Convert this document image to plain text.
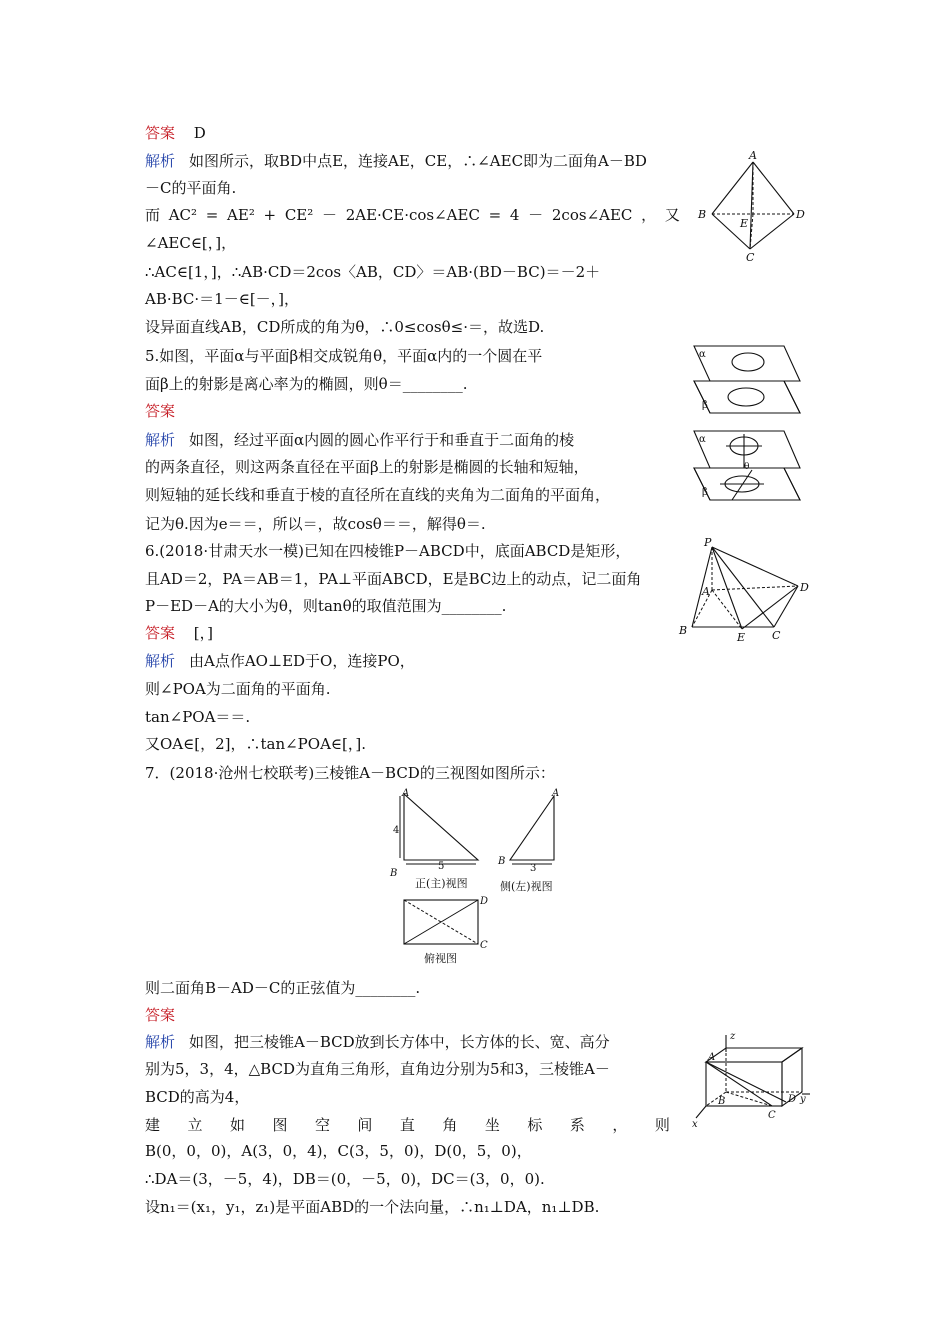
答案 D
解析 如图所示，取BD中点E，连接AE，CE，∴∠AEC即为二面角A－BD
－C的平面角.
而 AC² = AE² + CE² － 2AE·CE·cos∠AEC = 4 － 2cos∠AEC ， 又
∠AEC∈[，]，
∴AC∈[1，]，∴AB·CD＝2cos〈AB，CD〉＝AB·(BD－BC)＝－2＋
AB·BC·＝1－∈[－，]，
设异面直线AB，CD所成的角为θ，∴0≤cosθ≤·＝，故选D.
A
B	D
C
E
5.如图，平面α与平面β相交成锐角θ，平面α内的一个圆在平
面β上的射影是离心率为的椭圆，则θ＝________.
答案
解析 如图，经过平面α内圆的圆心作平行于和垂直于二面角的棱
的两条直径，则这两条直径在平面β上的射影是椭圆的长轴和短轴，
则短轴的延长线和垂直于棱的直径所在直线的夹角为二面角的平面角，
记为θ.因为e＝＝，所以＝，故cosθ＝＝，解得θ＝.
α
β
α
β
θ
6.(2018·甘肃天水一模)已知在四棱锥P－ABCD中，底面ABCD是矩形，
且AD＝2，PA＝AB＝1，PA⊥平面ABCD，E是BC边上的动点，记二面角
P－ED－A的大小为θ，则tanθ的取值范围为________.
答案 [，]
解析 由A点作AO⊥ED于O，连接PO，
则∠POA为二面角的平面角.
tan∠POA＝＝.
又OA∈[，2]，∴tan∠POA∈[，].
P
A
B
E C
D
7．(2018·沧州七校联考)三棱锥A－BCD的三视图如图所示：
A
B
4
5
正(主)视图
A
B
3
侧(左)视图
D
C
俯视图
则二面角B－AD－C的正弦值为________.
答案
解析 如图，把三棱锥A－BCD放到长方体中，长方体的长、宽、高分
别为5，3，4，△BCD为直角三角形，直角边分别为5和3，三棱锥A－
BCD的高为4，
建 立 如 图 空 间 直 角 坐 标 系 ， 则
B(0，0，0)，A(3，0，4)，C(3，5，0)，D(0，5，0)，
∴DA＝(3，－5，4)，DB＝(0，－5，0)，DC＝(3，0，0).
设n₁＝(x₁，y₁，z₁)是平面ABD的一个法向量，∴n₁⊥DA，n₁⊥DB.
z
x
y
A
B
C
D
